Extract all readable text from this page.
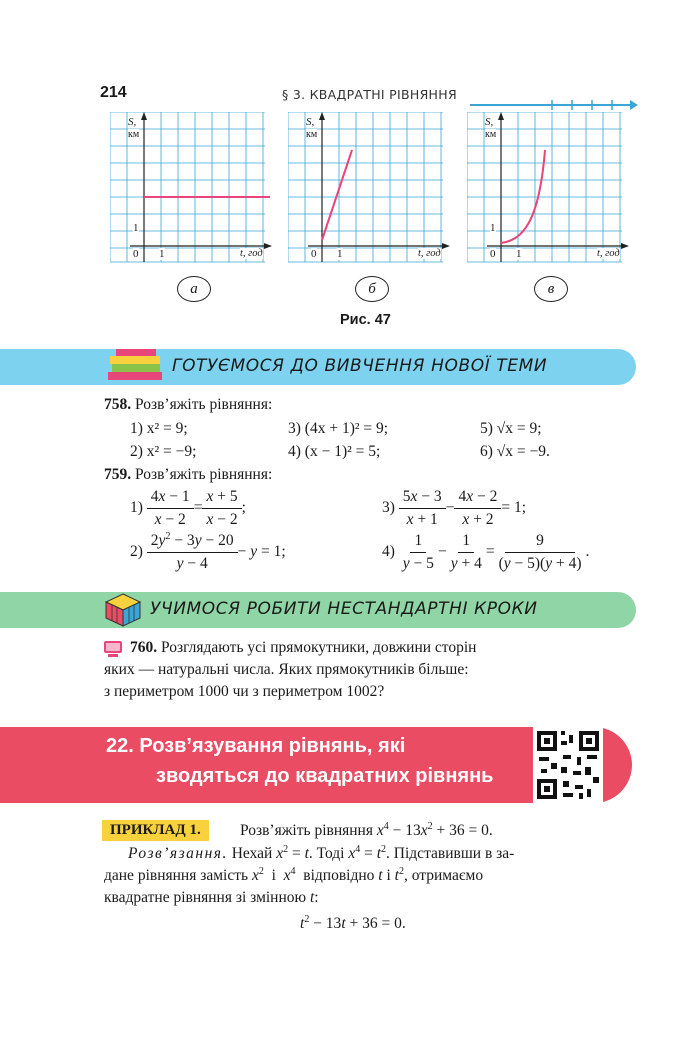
214	§ 3. КВАДРАТНІ РІВНЯННЯ
S,
км
1
0 1	t, год
S,
км
0 1	t, год
S,
км
1
0 1	t, год
а	б	в
Рис. 47
ГОТУЄМОСЯ ДО ВИВЧЕННЯ НОВОЇ ТЕМИ
758. Розв’яжіть рівняння:
1) x² = 9;	3) (4x + 1)² = 9;	5) √x = 9;
2) x² = −9;	4) (x − 1)² = 5;	6) √x = −9.
759. Розв’яжіть рівняння:
$1) \frac{4x - 1}{x - 2} = \frac{x + 5}{x - 2}$ ;	$3) \frac{5x - 3}{x + 1} - \frac{4x - 2}{x + 2} = 1$;
$2) \frac{2y^2 - 3y - 20}{y - 4} - y = 1$;	$4) \frac{1}{y - 5} - \frac{1}{y + 4} = \frac{9}{(y - 5)(y + 4)}$ .
УЧИМОСЯ РОБИТИ НЕСТАНДАРТНІ КРОКИ
760. Розглядають усі прямокутники, довжини сторін
яких — натуральні числа. Яких прямокутників більше:
з периметром 1000 чи з периметром 1002?
22. Розв’язування рівнянь, які
зводяться до квадратних рівнянь
ПРИКЛАД 1.	Розв’яжіть рівняння $x^4 - 13x^2 + 36 = 0$.
Розв’язання. Нехай $x^2 = t$. Тоді $x^4 = t^2$. Підставивши в за-
дане рівняння замість $x^2$  і  $x^4$ відповідно t і $t^2$, отримаємо
квадратне рівняння зі змінною t:
$t^2 - 13t + 36 = 0$.
